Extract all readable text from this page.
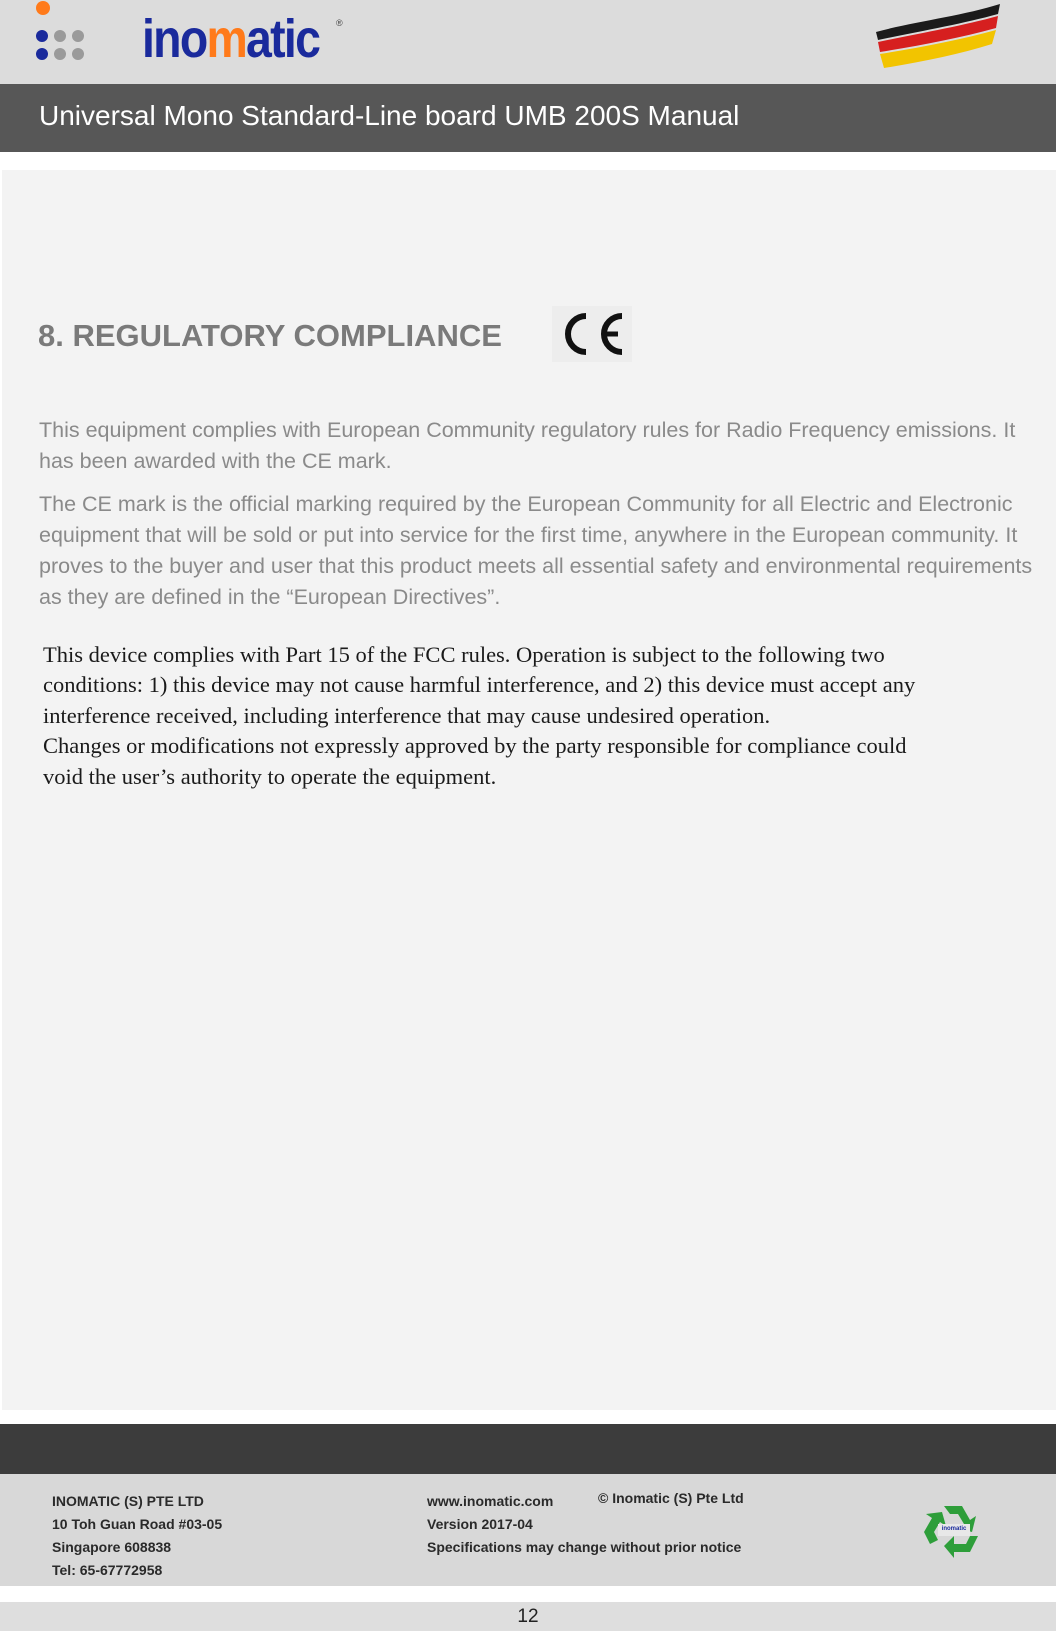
inomatic ®
Universal Mono Standard-Line board UMB 200S Manual
8. REGULATORY COMPLIANCE

This equipment complies with European Community regulatory rules for Radio Frequency emissions. It has been awarded with the CE mark.

The CE mark is the official marking required by the European Community for all Electric and Electronic equipment that will be sold or put into service for the first time, anywhere in the European community. It proves to the buyer and user that this product meets all essential safety and environmental requirements as they are defined in the “European Directives”.

This device complies with Part 15 of the FCC rules. Operation is subject to the following two
conditions: 1) this device may not cause harmful interference, and 2) this device must accept any
interference received, including interference that may cause undesired operation.
Changes or modifications not expressly approved by the party responsible for compliance could
void the user’s authority to operate the equipment.
INOMATIC (S) PTE LTD
10 Toh Guan Road #03-05
Singapore 608838
Tel: 65-67772958
www.inomatic.com
Version 2017-04
Specifications may change without prior notice
© Inomatic (S) Pte Ltd
inomatic
12
